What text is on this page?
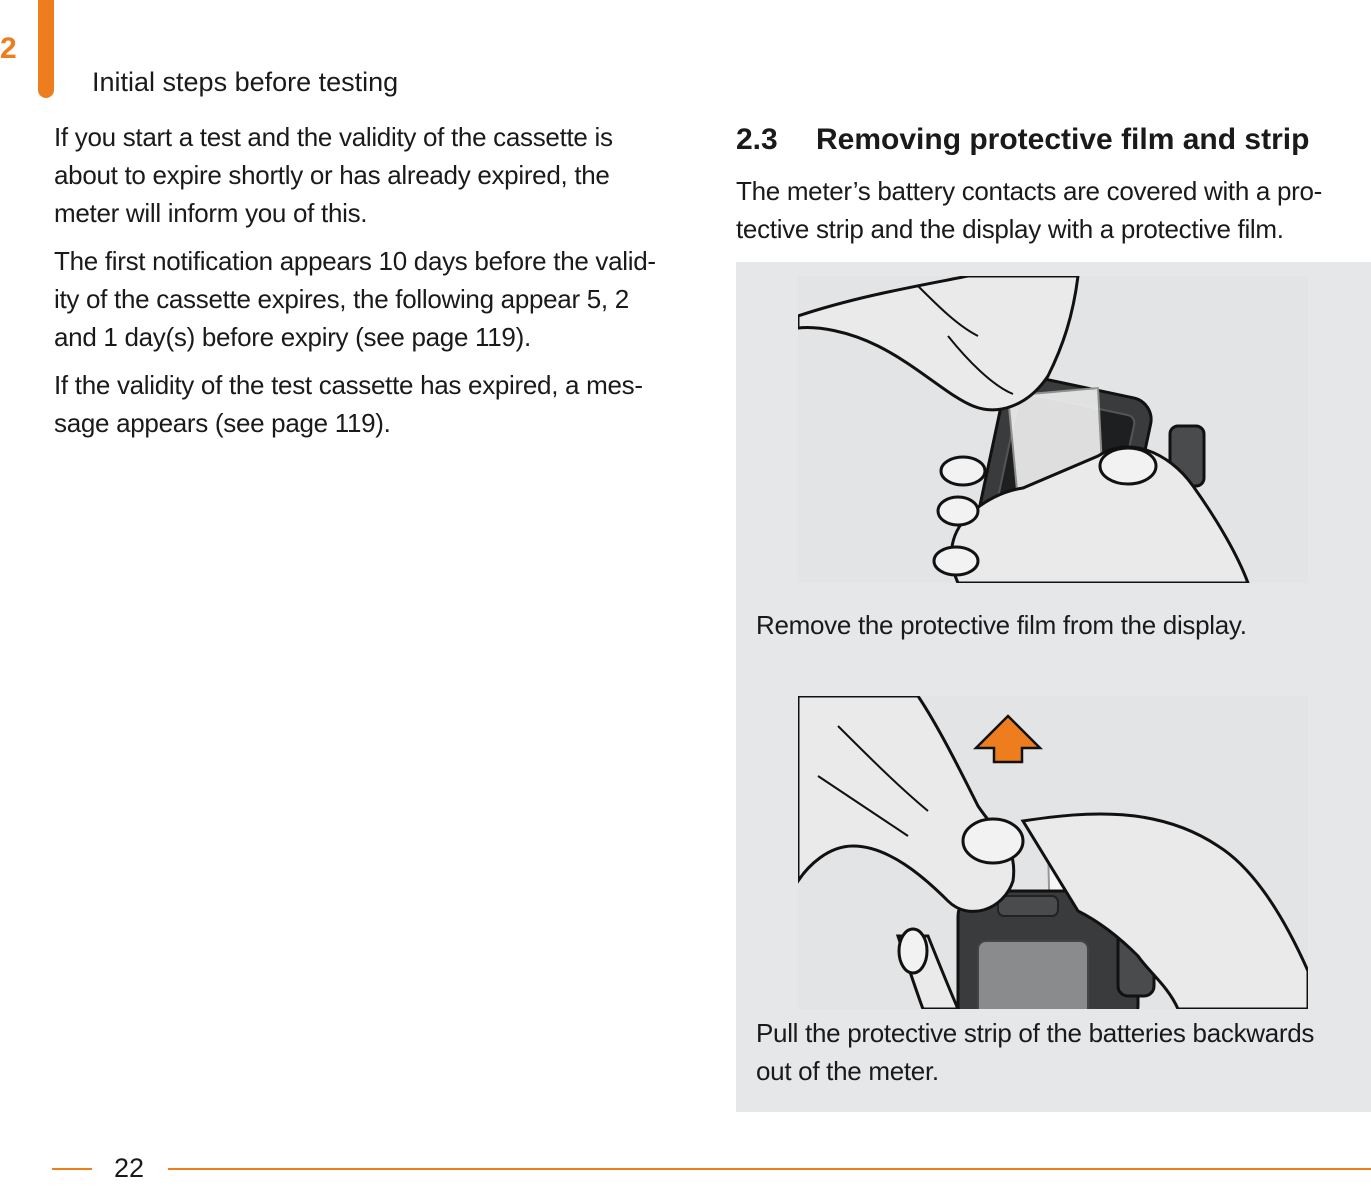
2
Initial steps before testing

If you start a test and the validity of the cassette is about to expire shortly or has already expired, the meter will inform you of this.

The first notification appears 10 days before the valid-ity of the cassette expires, the following appear 5, 2 and 1 day(s) before expiry (see page 119).

If the validity of the test cassette has expired, a mes-sage appears (see page 119).

2.3 Removing protective film and strip

The meter’s battery contacts are covered with a pro-tective strip and the display with a protective film.

Remove the protective film from the display.

Pull the protective strip of the batteries backwards out of the meter.

22
